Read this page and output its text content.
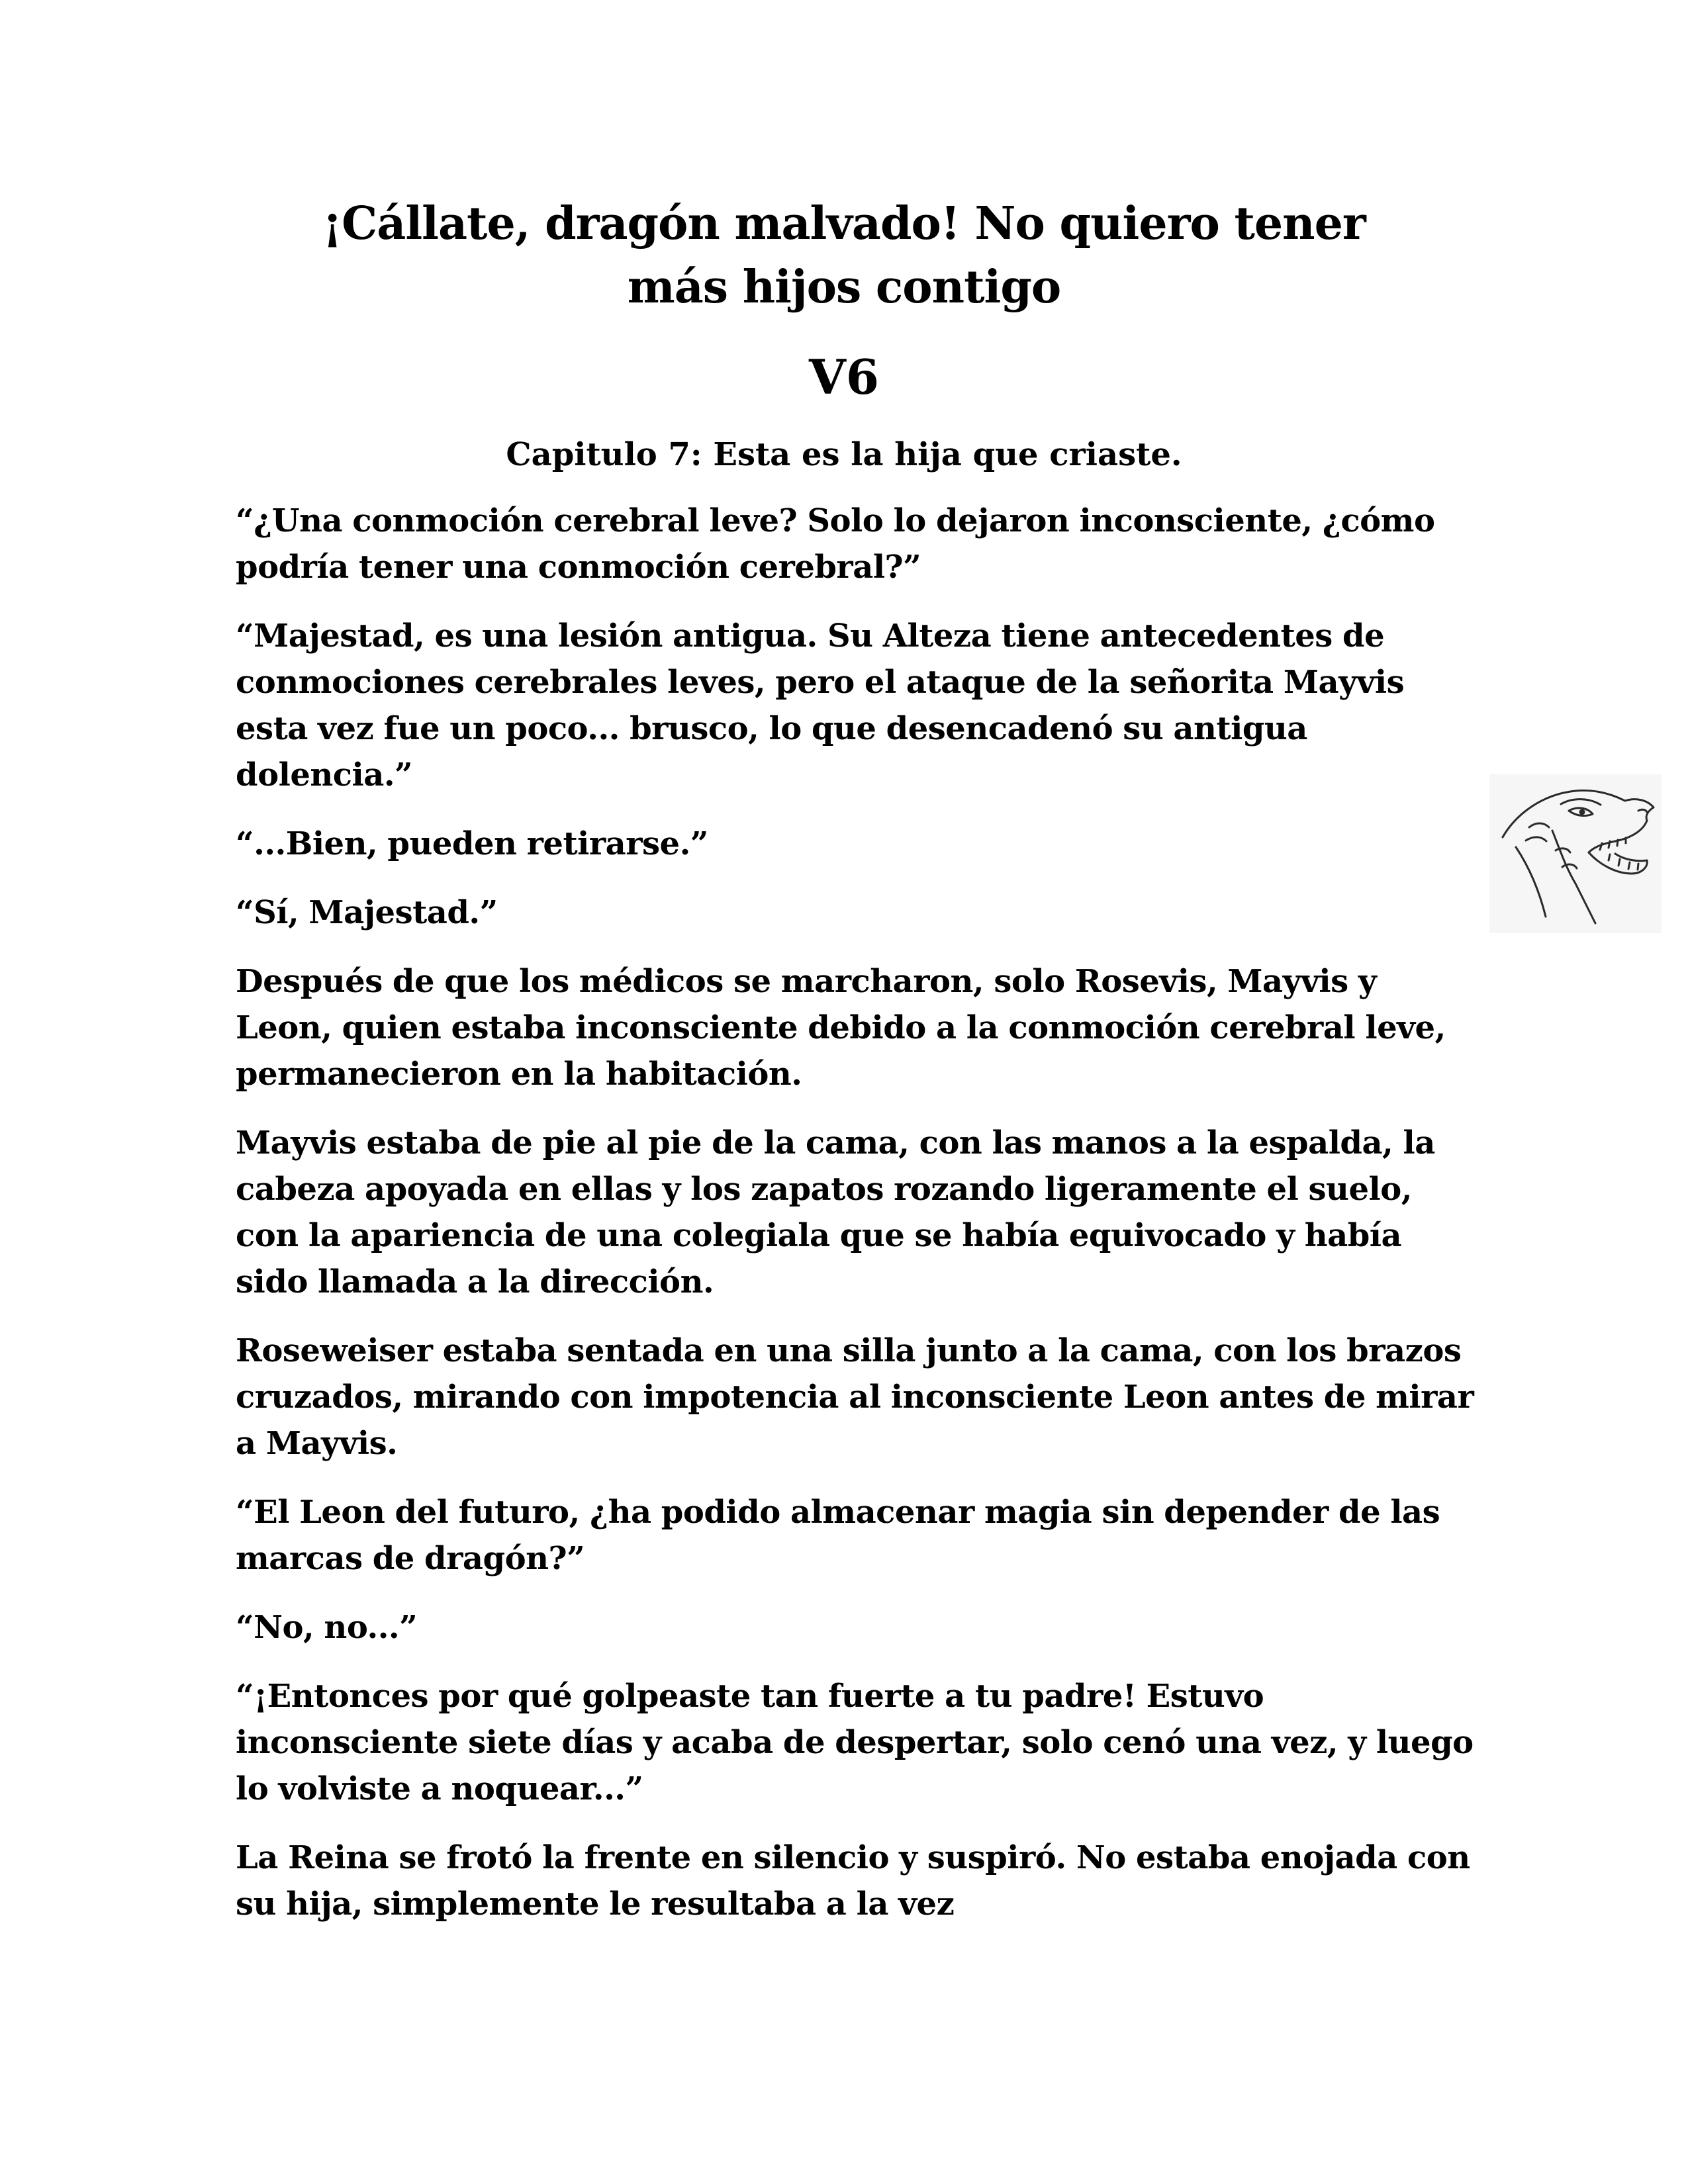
¡Cállate, dragón malvado! No quiero tener
más hijos contigo
V6
Capitulo 7: Esta es la hija que criaste.

“¿Una conmoción cerebral leve? Solo lo dejaron inconsciente, ¿cómo podría tener una conmoción cerebral?”

“Majestad, es una lesión antigua. Su Alteza tiene antecedentes de conmociones cerebrales leves, pero el ataque de la señorita Mayvis esta vez fue un poco... brusco, lo que desencadenó su antigua dolencia.”

“...Bien, pueden retirarse.”

“Sí, Majestad.”

Después de que los médicos se marcharon, solo Rosevis, Mayvis y Leon, quien estaba inconsciente debido a la conmoción cerebral leve, permanecieron en la habitación.

Mayvis estaba de pie al pie de la cama, con las manos a la espalda, la cabeza apoyada en ellas y los zapatos rozando ligeramente el suelo, con la apariencia de una colegiala que se había equivocado y había sido llamada a la dirección.

Roseweiser estaba sentada en una silla junto a la cama, con los brazos cruzados, mirando con impotencia al inconsciente Leon antes de mirar a Mayvis.

“El Leon del futuro, ¿ha podido almacenar magia sin depender de las marcas de dragón?”

“No, no...”

“¡Entonces por qué golpeaste tan fuerte a tu padre! Estuvo inconsciente siete días y acaba de despertar, solo cenó una vez, y luego lo volviste a noquear...”

La Reina se frotó la frente en silencio y suspiró. No estaba enojada con su hija, simplemente le resultaba a la vez
